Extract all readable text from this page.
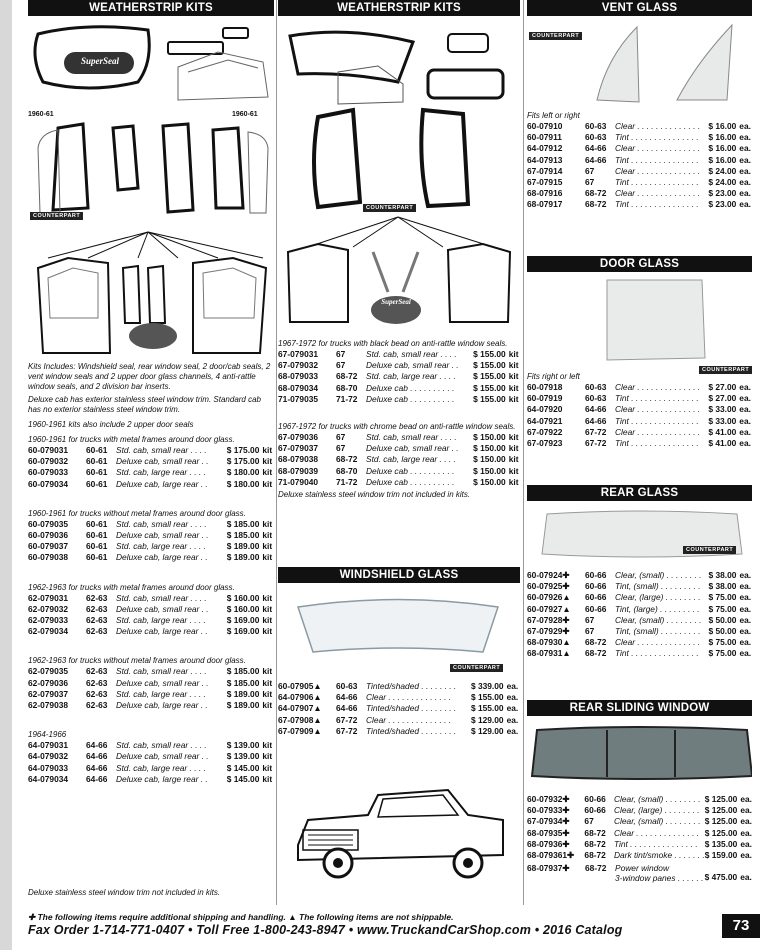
WEATHERSTRIP KITS
SuperSeal
1960-61	1960-61
COUNTERPART
Kits Includes: Windshield seal, rear window seal, 2 door/cab seals, 2 vent window seals and 2 upper door glass channels, 4 anti-rattle window seals, and 2 division bar inserts.
Deluxe cab has exterior stainless steel window trim. Standard cab has no exterior stainless steel window trim.
1960-1961 kits also include 2 upper door seals
1960-1961 for trucks with metal frames around door glass.
60-079031	60-61	Std. cab, small rear . . . .	$ 175.00	kit
60-079032	60-61	Deluxe cab, small rear . .	$ 175.00	kit
60-079033	60-61	Std. cab, large rear . . . .	$ 180.00	kit
60-079034	60-61	Deluxe cab, large rear . .	$ 180.00	kit
1960-1961 for trucks without metal frames around door glass.
60-079035	60-61	Std. cab, small rear . . . .	$ 185.00	kit
60-079036	60-61	Deluxe cab, small rear . .	$ 185.00	kit
60-079037	60-61	Std. cab, large rear . . . .	$ 189.00	kit
60-079038	60-61	Deluxe cab, large rear . .	$ 189.00	kit
1962-1963 for trucks with metal frames around door glass.
62-079031	62-63	Std. cab, small rear . . . .	$ 160.00	kit
62-079032	62-63	Deluxe cab, small rear . .	$ 160.00	kit
62-079033	62-63	Std. cab, large rear . . . .	$ 169.00	kit
62-079034	62-63	Deluxe cab, large rear . .	$ 169.00	kit
1962-1963 for trucks without metal frames around door glass.
62-079035	62-63	Std. cab, small rear . . . .	$ 185.00	kit
62-079036	62-63	Deluxe cab, small rear . .	$ 185.00	kit
62-079037	62-63	Std. cab, large rear . . . .	$ 189.00	kit
62-079038	62-63	Deluxe cab, large rear . .	$ 189.00	kit
1964-1966
64-079031	64-66	Std. cab, small rear . . . .	$ 139.00	kit
64-079032	64-66	Deluxe cab, small rear . .	$ 139.00	kit
64-079033	64-66	Std. cab, large rear . . . .	$ 145.00	kit
64-079034	64-66	Deluxe cab, large rear . .	$ 145.00	kit
Deluxe stainless steel window trim not included in kits.
WEATHERSTRIP KITS
SuperSeal
COUNTERPART
1967-1972 for trucks with black bead on anti-rattle window seals.
67-079031	67	Std. cab, small rear . . . .	$ 155.00	kit
67-079032	67	Deluxe cab, small rear . .	$ 155.00	kit
68-079033	68-72	Std. cab, large rear . . . .	$ 155.00	kit
68-079034	68-70	Deluxe cab . . . . . . . . . .	$ 155.00	kit
71-079035	71-72	Deluxe cab . . . . . . . . . .	$ 155.00	kit
1967-1972 for trucks with chrome bead on anti-rattle window seals.
67-079036	67	Std. cab, small rear . . . .	$ 150.00	kit
67-079037	67	Deluxe cab, small rear . .	$ 150.00	kit
68-079038	68-72	Std. cab, large rear . . . .	$ 150.00	kit
68-079039	68-70	Deluxe cab . . . . . . . . . .	$ 150.00	kit
71-079040	71-72	Deluxe cab . . . . . . . . . .	$ 150.00	kit
Deluxe stainless steel window trim not included in kits.
WINDSHIELD GLASS
COUNTERPART
60-07905▲	60-63	Tinted/shaded . . . . . . . .	$ 339.00	ea.
64-07906▲	64-66	Clear . . . . . . . . . . . . . .	$ 155.00	ea.
64-07907▲	64-66	Tinted/shaded . . . . . . . .	$ 155.00	ea.
67-07908▲	67-72	Clear . . . . . . . . . . . . . .	$ 129.00	ea.
67-07909▲	67-72	Tinted/shaded . . . . . . . .	$ 129.00	ea.
VENT GLASS
COUNTERPART
Fits left or right
60-07910	60-63	Clear . . . . . . . . . . . . . .	$ 16.00	ea.
60-07911	60-63	Tint . . . . . . . . . . . . . . .	$ 16.00	ea.
64-07912	64-66	Clear . . . . . . . . . . . . . .	$ 16.00	ea.
64-07913	64-66	Tint . . . . . . . . . . . . . . .	$ 16.00	ea.
67-07914	67	Clear . . . . . . . . . . . . . .	$ 24.00	ea.
67-07915	67	Tint . . . . . . . . . . . . . . .	$ 24.00	ea.
68-07916	68-72	Clear . . . . . . . . . . . . . .	$ 23.00	ea.
68-07917	68-72	Tint . . . . . . . . . . . . . . .	$ 23.00	ea.
DOOR GLASS
COUNTERPART
Fits right or left
60-07918	60-63	Clear . . . . . . . . . . . . . .	$ 27.00	ea.
60-07919	60-63	Tint . . . . . . . . . . . . . . .	$ 27.00	ea.
64-07920	64-66	Clear . . . . . . . . . . . . . .	$ 33.00	ea.
64-07921	64-66	Tint . . . . . . . . . . . . . . .	$ 33.00	ea.
67-07922	67-72	Clear . . . . . . . . . . . . . .	$ 41.00	ea.
67-07923	67-72	Tint . . . . . . . . . . . . . . .	$ 41.00	ea.
REAR GLASS
COUNTERPART
60-07924✚	60-66	Clear, (small) . . . . . . . .	$ 38.00	ea.
60-07925✚	60-66	Tint, (small) . . . . . . . . .	$ 38.00	ea.
60-07926▲	60-66	Clear, (large) . . . . . . . .	$ 75.00	ea.
60-07927▲	60-66	Tint, (large) . . . . . . . . .	$ 75.00	ea.
67-07928✚	67	Clear, (small) . . . . . . . .	$ 50.00	ea.
67-07929✚	67	Tint, (small) . . . . . . . . .	$ 50.00	ea.
68-07930▲	68-72	Clear . . . . . . . . . . . . . .	$ 75.00	ea.
68-07931▲	68-72	Tint . . . . . . . . . . . . . . .	$ 75.00	ea.
REAR SLIDING WINDOW
60-07932✚	60-66	Clear, (small) . . . . . . . .	$ 125.00	ea.
60-07933✚	60-66	Clear, (large) . . . . . . . .	$ 125.00	ea.
67-07934✚	67	Clear, (small) . . . . . . . .	$ 125.00	ea.
68-07935✚	68-72	Clear . . . . . . . . . . . . . .	$ 125.00	ea.
68-07936✚	68-72	Tint . . . . . . . . . . . . . . .	$ 135.00	ea.
68-079361✚	68-72	Dark tint/smoke . . . . . . .	$ 159.00	ea.
68-07937✚	68-72	Power window
3-window panes . . . . . .	$ 475.00	ea.
✚ The following items require additional shipping and handling. ▲ The following items are not shippable.
Fax Order 1-714-771-0407 • Toll Free 1-800-243-8947 • www.TruckandCarShop.com • 2016 Catalog	73
